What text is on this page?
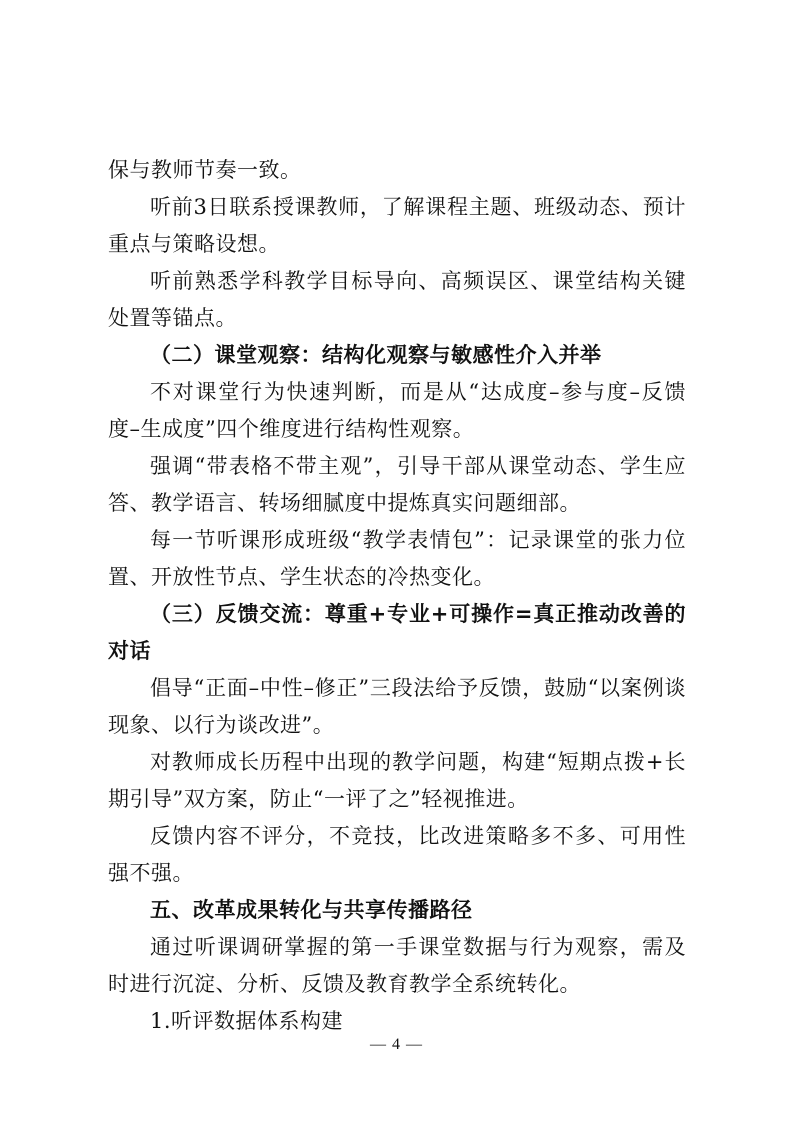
保与教师节奏一致。

听前3日联系授课教师，了解课程主题、班级动态、预计重点与策略设想。

听前熟悉学科教学目标导向、高频误区、课堂结构关键处置等锚点。

（二）课堂观察：结构化观察与敏感性介入并举

不对课堂行为快速判断，而是从“达成度–参与度–反馈度–生成度”四个维度进行结构性观察。

强调“带表格不带主观”，引导干部从课堂动态、学生应答、教学语言、转场细腻度中提炼真实问题细部。

每一节听课形成班级“教学表情包”：记录课堂的张力位置、开放性节点、学生状态的冷热变化。

（三）反馈交流：尊重+专业+可操作=真正推动改善的对话

倡导“正面–中性–修正”三段法给予反馈，鼓励“以案例谈现象、以行为谈改进”。

对教师成长历程中出现的教学问题，构建“短期点拨+长期引导”双方案，防止“一评了之”轻视推进。

反馈内容不评分，不竞技，比改进策略多不多、可用性强不强。

五、改革成果转化与共享传播路径

通过听课调研掌握的第一手课堂数据与行为观察，需及时进行沉淀、分析、反馈及教育教学全系统转化。

1.听评数据体系构建

— 4 —
